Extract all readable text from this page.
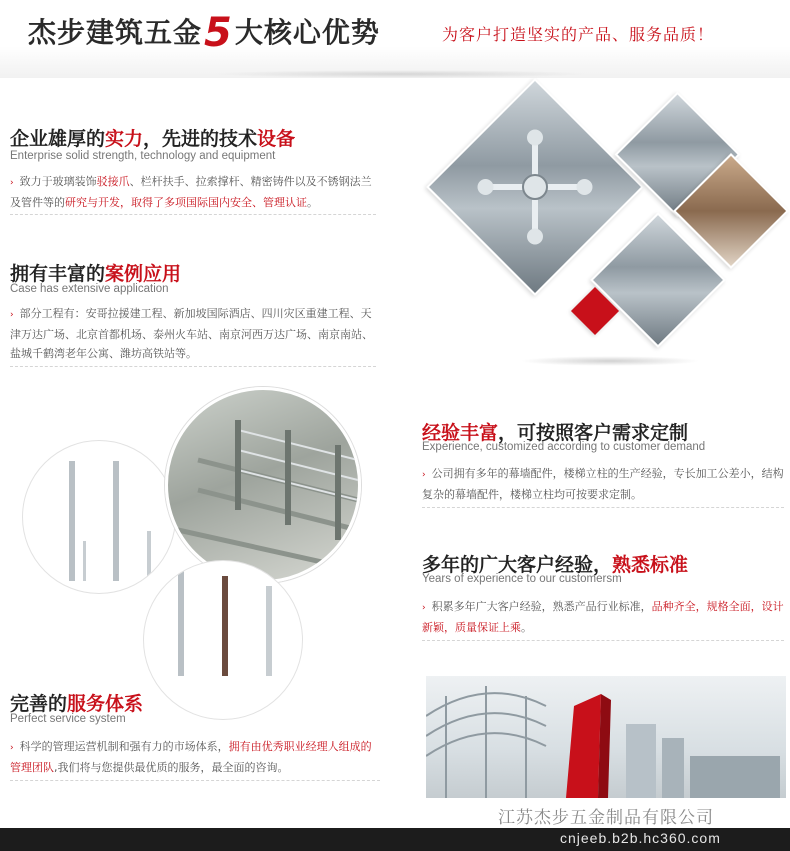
杰步建筑五金5大核心优势	为客户打造坚实的产品、服务品质！
企业雄厚的实力，先进的技术设备
Enterprise solid strength, technology and equipment
› 致力于玻璃装饰驳接爪、栏杆扶手、拉索撑杆、精密铸件以及不锈钢法兰及管件等的研究与开发，取得了多项国际国内安全、管理认证。
拥有丰富的案例应用
Case has extensive application
› 部分工程有：安哥拉援建工程、新加坡国际酒店、四川灾区重建工程、天津万达广场、北京首都机场、泰州火车站、南京河西万达广场、南京南站、盐城千鹤湾老年公寓、潍坊高铁站等。
经验丰富，可按照客户需求定制
Experience, customized according to customer demand
› 公司拥有多年的幕墙配件，楼梯立柱的生产经验，专长加工公差小，结构复杂的幕墙配件，楼梯立柱均可按要求定制。
多年的广大客户经验，熟悉标准
Years of experience to our customersm
› 积累多年广大客户经验，熟悉产品行业标准，品种齐全，规格全面，设计新颖，质量保证上乘。
完善的服务体系
Perfect service system
› 科学的管理运营机制和强有力的市场体系，拥有由优秀职业经理人组成的管理团队,我们将与您提供最优质的服务，最全面的咨询。
江苏杰步五金制品有限公司
cnjeeb.b2b.hc360.com
